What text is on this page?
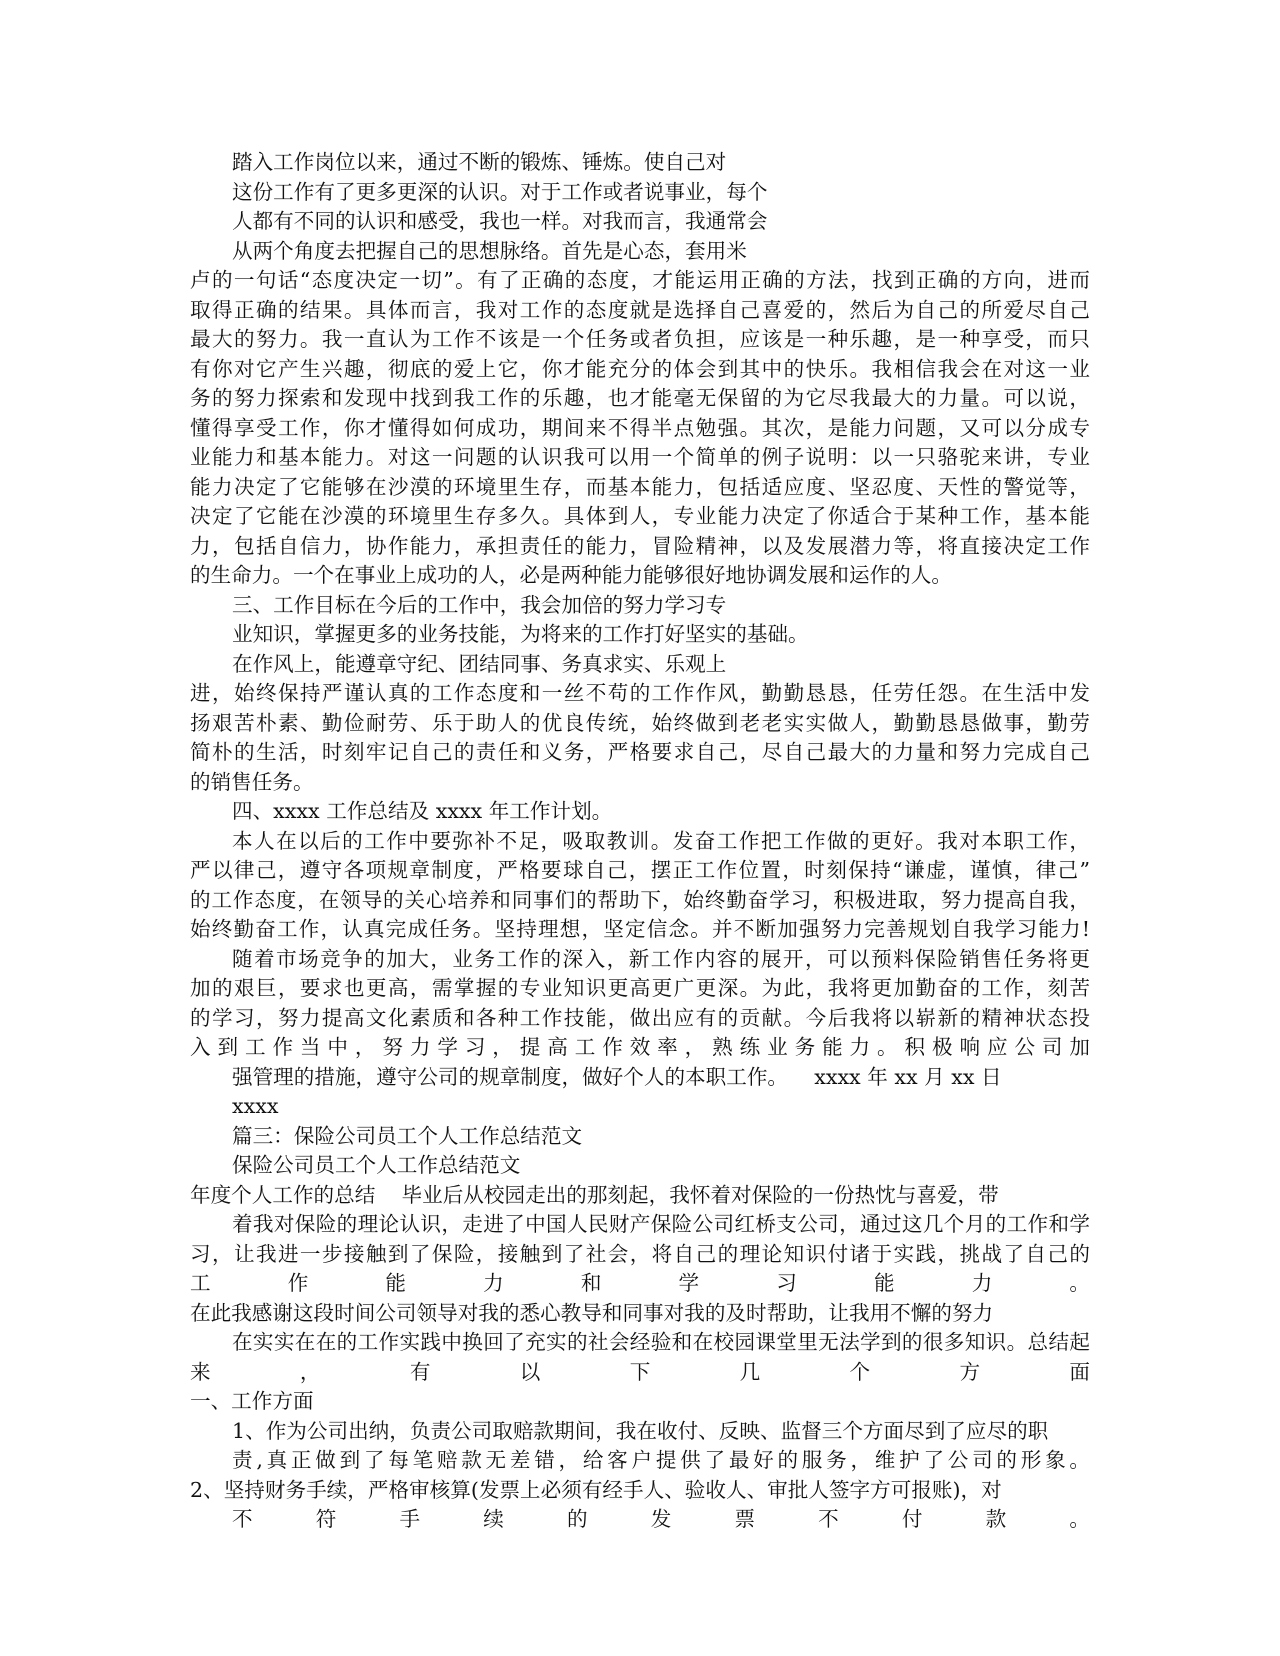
踏入工作岗位以来，通过不断的锻炼、锤炼。使自己对
这份工作有了更多更深的认识。对于工作或者说事业，每个
人都有不同的认识和感受，我也一样。对我而言，我通常会
从两个角度去把握自己的思想脉络。首先是心态，套用米
卢的一句话“态度决定一切”。有了正确的态度，才能运用正确的方法，找到正确的方向，进而
取得正确的结果。具体而言，我对工作的态度就是选择自己喜爱的，然后为自己的所爱尽自己
最大的努力。我一直认为工作不该是一个任务或者负担，应该是一种乐趣，是一种享受，而只
有你对它产生兴趣，彻底的爱上它，你才能充分的体会到其中的快乐。我相信我会在对这一业
务的努力探索和发现中找到我工作的乐趣，也才能毫无保留的为它尽我最大的力量。可以说，
懂得享受工作，你才懂得如何成功，期间来不得半点勉强。其次，是能力问题，又可以分成专
业能力和基本能力。对这一问题的认识我可以用一个简单的例子说明：以一只骆驼来讲，专业
能力决定了它能够在沙漠的环境里生存，而基本能力，包括适应度、坚忍度、天性的警觉等，
决定了它能在沙漠的环境里生存多久。具体到人，专业能力决定了你适合于某种工作，基本能
力，包括自信力，协作能力，承担责任的能力，冒险精神，以及发展潜力等，将直接决定工作
的生命力。一个在事业上成功的人，必是两种能力能够很好地协调发展和运作的人。
三、工作目标在今后的工作中，我会加倍的努力学习专
业知识，掌握更多的业务技能，为将来的工作打好坚实的基础。
在作风上，能遵章守纪、团结同事、务真求实、乐观上
进，始终保持严谨认真的工作态度和一丝不苟的工作作风，勤勤恳恳，任劳任怨。在生活中发
扬艰苦朴素、勤俭耐劳、乐于助人的优良传统，始终做到老老实实做人，勤勤恳恳做事，勤劳
简朴的生活，时刻牢记自己的责任和义务，严格要求自己，尽自己最大的力量和努力完成自己
的销售任务。
四、xxxx 工作总结及 xxxx 年工作计划。
本人在以后的工作中要弥补不足，吸取教训。发奋工作把工作做的更好。我对本职工作，
严以律己，遵守各项规章制度，严格要球自己，摆正工作位置，时刻保持“谦虚，谨慎，律己”
的工作态度，在领导的关心培养和同事们的帮助下，始终勤奋学习，积极进取，努力提高自我，
始终勤奋工作，认真完成任务。坚持理想，坚定信念。并不断加强努力完善规划自我学习能力!
随着市场竞争的加大，业务工作的深入，新工作内容的展开，可以预料保险销售任务将更
加的艰巨，要求也更高，需掌握的专业知识更高更广更深。为此，我将更加勤奋的工作，刻苦
的学习，努力提高文化素质和各种工作技能，做出应有的贡献。今后我将以崭新的精神状态投
入到工作当中，努力学习，提高工作效率，熟练业务能力。积极响应公司加
强管理的措施，遵守公司的规章制度，做好个人的本职工作。    xxxx 年 xx 月 xx 日
xxxx
篇三：保险公司员工个人工作总结范文
保险公司员工个人工作总结范文
年度个人工作的总结    毕业后从校园走出的那刻起，我怀着对保险的一份热忱与喜爱，带
着我对保险的理论认识，走进了中国人民财产保险公司红桥支公司，通过这几个月的工作和学
习，让我进一步接触到了保险，接触到了社会，将自己的理论知识付诸于实践，挑战了自己的
工作能力和学习能力。
在此我感谢这段时间公司领导对我的悉心教导和同事对我的及时帮助，让我用不懈的努力
在实实在在的工作实践中换回了充实的社会经验和在校园课堂里无法学到的很多知识。总结起
来，有以下几个方面
一、工作方面
1、作为公司出纳，负责公司取赔款期间，我在收付、反映、监督三个方面尽到了应尽的职
责,真正做到了每笔赔款无差错，给客户提供了最好的服务，维护了公司的形象。
2、坚持财务手续，严格审核算(发票上必须有经手人、验收人、审批人签字方可报账)，对
不符手续的发票不付款。
